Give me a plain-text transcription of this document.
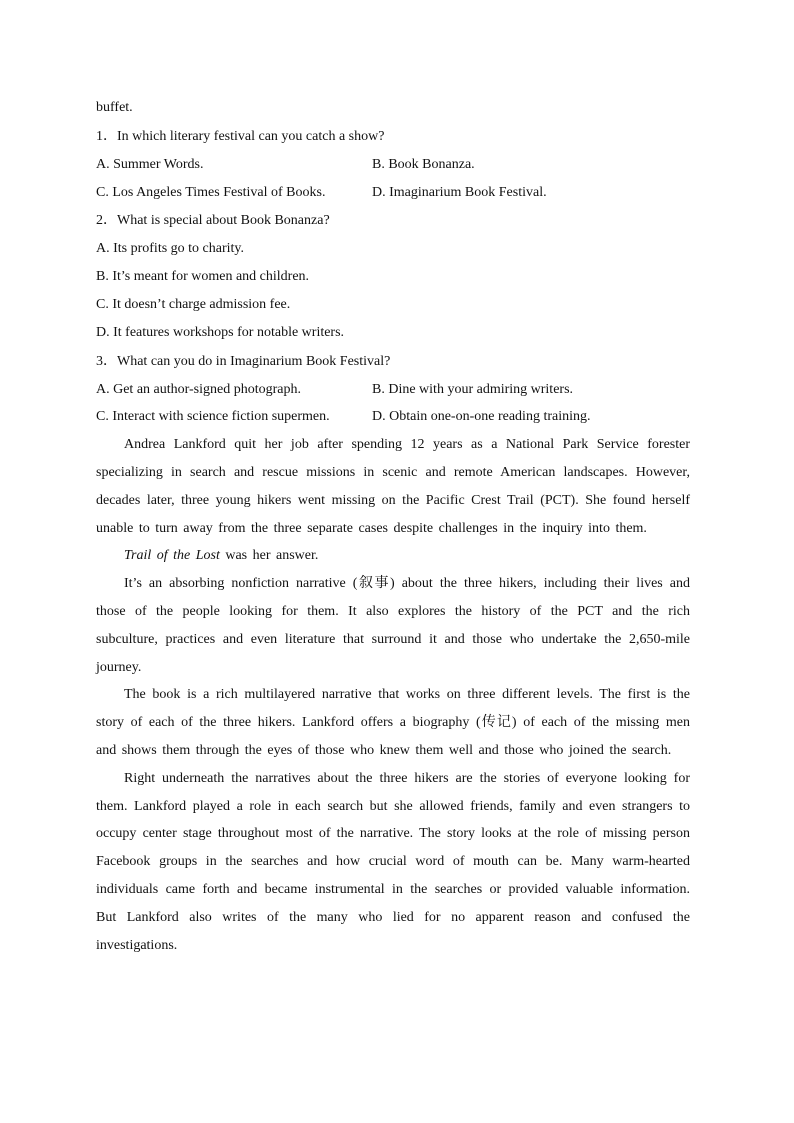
buffet.
1．In which literary festival can you catch a show?
A. Summer Words.	B. Book Bonanza.
C. Los Angeles Times Festival of Books.	D. Imaginarium Book Festival.
2．What is special about Book Bonanza?
A. Its profits go to charity.
B. It’s meant for women and children.
C. It doesn’t charge admission fee.
D. It features workshops for notable writers.
3．What can you do in Imaginarium Book Festival?
A. Get an author-signed photograph.	B. Dine with your admiring writers.
C. Interact with science fiction supermen.	D. Obtain one-on-one reading training.

Andrea Lankford quit her job after spending 12 years as a National Park Service forester specializing in search and rescue missions in scenic and remote American landscapes. However, decades later, three young hikers went missing on the Pacific Crest Trail (PCT). She found herself unable to turn away from the three separate cases despite challenges in the inquiry into them.

Trail of the Lost was her answer.

It’s an absorbing nonfiction narrative (叙事) about the three hikers, including their lives and those of the people looking for them. It also explores the history of the PCT and the rich subculture, practices and even literature that surround it and those who undertake the 2,650-mile journey.

The book is a rich multilayered narrative that works on three different levels. The first is the story of each of the three hikers. Lankford offers a biography (传记) of each of the missing men and shows them through the eyes of those who knew them well and those who joined the search.

Right underneath the narratives about the three hikers are the stories of everyone looking for them. Lankford played a role in each search but she allowed friends, family and even strangers to occupy center stage throughout most of the narrative. The story looks at the role of missing person Facebook groups in the searches and how crucial word of mouth can be. Many warm-hearted individuals came forth and became instrumental in the searches or provided valuable information. But Lankford also writes of the many who lied for no apparent reason and confused the investigations.
